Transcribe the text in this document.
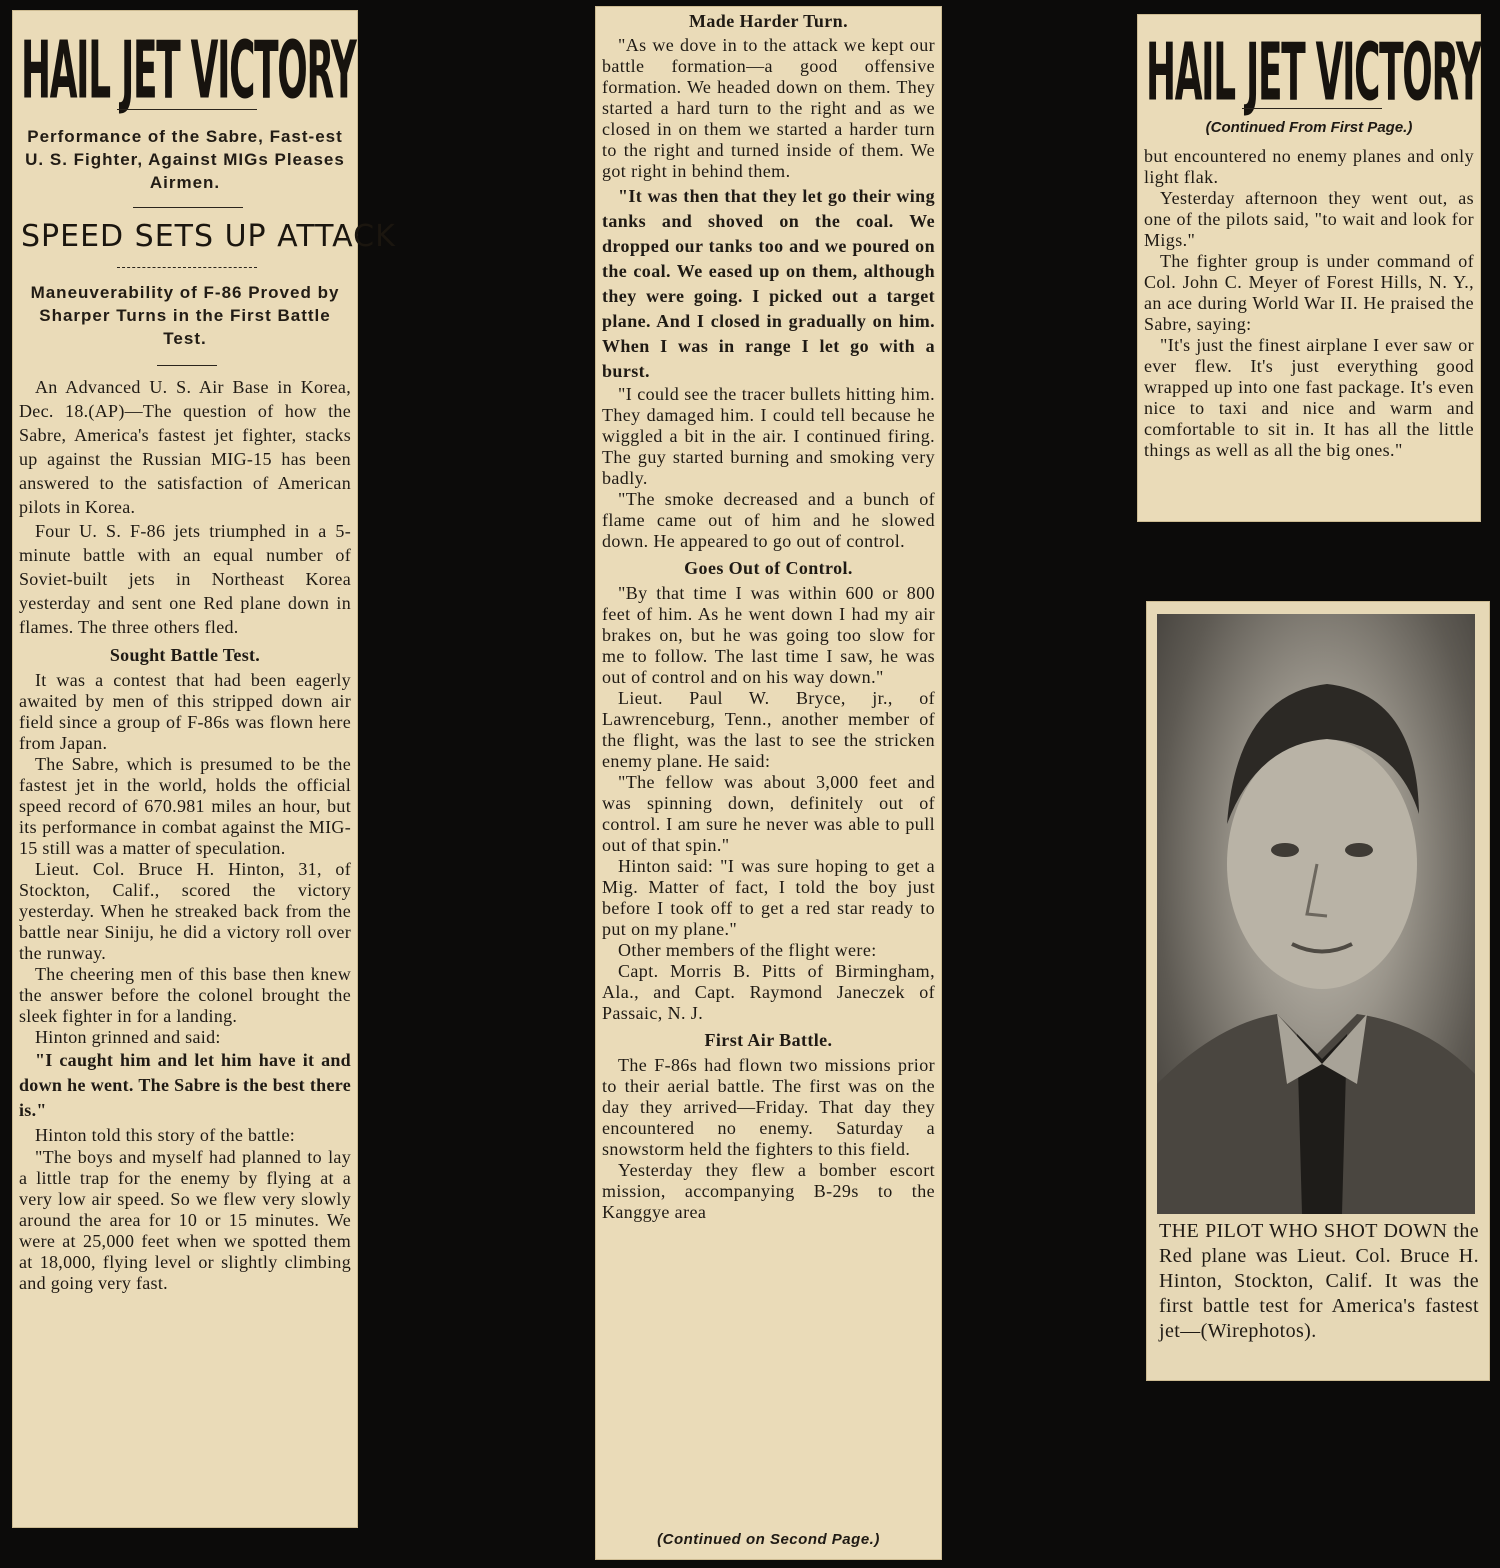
HAIL JET VICTORY
Performance of the Sabre, Fast-est U. S. Fighter, Against MIGs Pleases Airmen.
SPEED SETS UP ATTACK
Maneuverability of F-86 Proved by Sharper Turns in the First Battle Test.

An Advanced U. S. Air Base in Korea, Dec. 18.(AP)—The question of how the Sabre, America's fastest jet fighter, stacks up against the Russian MIG-15 has been answered to the satisfaction of American pilots in Korea.

Four U. S. F-86 jets triumphed in a 5-minute battle with an equal number of Soviet-built jets in Northeast Korea yesterday and sent one Red plane down in flames. The three others fled.

Sought Battle Test.

It was a contest that had been eagerly awaited by men of this stripped down air field since a group of F-86s was flown here from Japan.

The Sabre, which is presumed to be the fastest jet in the world, holds the official speed record of 670.981 miles an hour, but its performance in combat against the MIG-15 still was a matter of speculation.

Lieut. Col. Bruce H. Hinton, 31, of Stockton, Calif., scored the victory yesterday. When he streaked back from the battle near Siniju, he did a victory roll over the runway.

The cheering men of this base then knew the answer before the colonel brought the sleek fighter in for a landing.

Hinton grinned and said:

"I caught him and let him have it and down he went. The Sabre is the best there is."

Hinton told this story of the battle:

"The boys and myself had planned to lay a little trap for the enemy by flying at a very low air speed. So we flew very slowly around the area for 10 or 15 minutes. We were at 25,000 feet when we spotted them at 18,000, flying level or slightly climbing and going very fast.

Made Harder Turn.

"As we dove in to the attack we kept our battle formation—a good offensive formation. We headed down on them. They started a hard turn to the right and as we closed in on them we started a harder turn to the right and turned inside of them. We got right in behind them.

"It was then that they let go their wing tanks and shoved on the coal. We dropped our tanks too and we poured on the coal. We eased up on them, although they were going. I picked out a target plane. And I closed in gradually on him. When I was in range I let go with a burst.

"I could see the tracer bullets hitting him. They damaged him. I could tell because he wiggled a bit in the air. I continued firing. The guy started burning and smoking very badly.

"The smoke decreased and a bunch of flame came out of him and he slowed down. He appeared to go out of control.

Goes Out of Control.

"By that time I was within 600 or 800 feet of him. As he went down I had my air brakes on, but he was going too slow for me to follow. The last time I saw, he was out of control and on his way down."

Lieut. Paul W. Bryce, jr., of Lawrenceburg, Tenn., another member of the flight, was the last to see the stricken enemy plane. He said:

"The fellow was about 3,000 feet and was spinning down, definitely out of control. I am sure he never was able to pull out of that spin."

Hinton said: "I was sure hoping to get a Mig. Matter of fact, I told the boy just before I took off to get a red star ready to put on my plane."

Other members of the flight were:

Capt. Morris B. Pitts of Birmingham, Ala., and Capt. Raymond Janeczek of Passaic, N. J.

First Air Battle.

The F-86s had flown two missions prior to their aerial battle. The first was on the day they arrived—Friday. That day they encountered no enemy. Saturday a snowstorm held the fighters to this field.

Yesterday they flew a bomber escort mission, accompanying B-29s to the Kanggye area

(Continued on Second Page.)
HAIL JET VICTORY
(Continued From First Page.)

but encountered no enemy planes and only light flak.

Yesterday afternoon they went out, as one of the pilots said, "to wait and look for Migs."

The fighter group is under command of Col. John C. Meyer of Forest Hills, N. Y., an ace during World War II. He praised the Sabre, saying:

"It's just the finest airplane I ever saw or ever flew. It's just everything good wrapped up into one fast package. It's even nice to taxi and nice and warm and comfortable to sit in. It has all the little things as well as all the big ones."

THE PILOT WHO SHOT DOWN the Red plane was Lieut. Col. Bruce H. Hinton, Stockton, Calif. It was the first battle test for America's fastest jet—(Wirephotos).
